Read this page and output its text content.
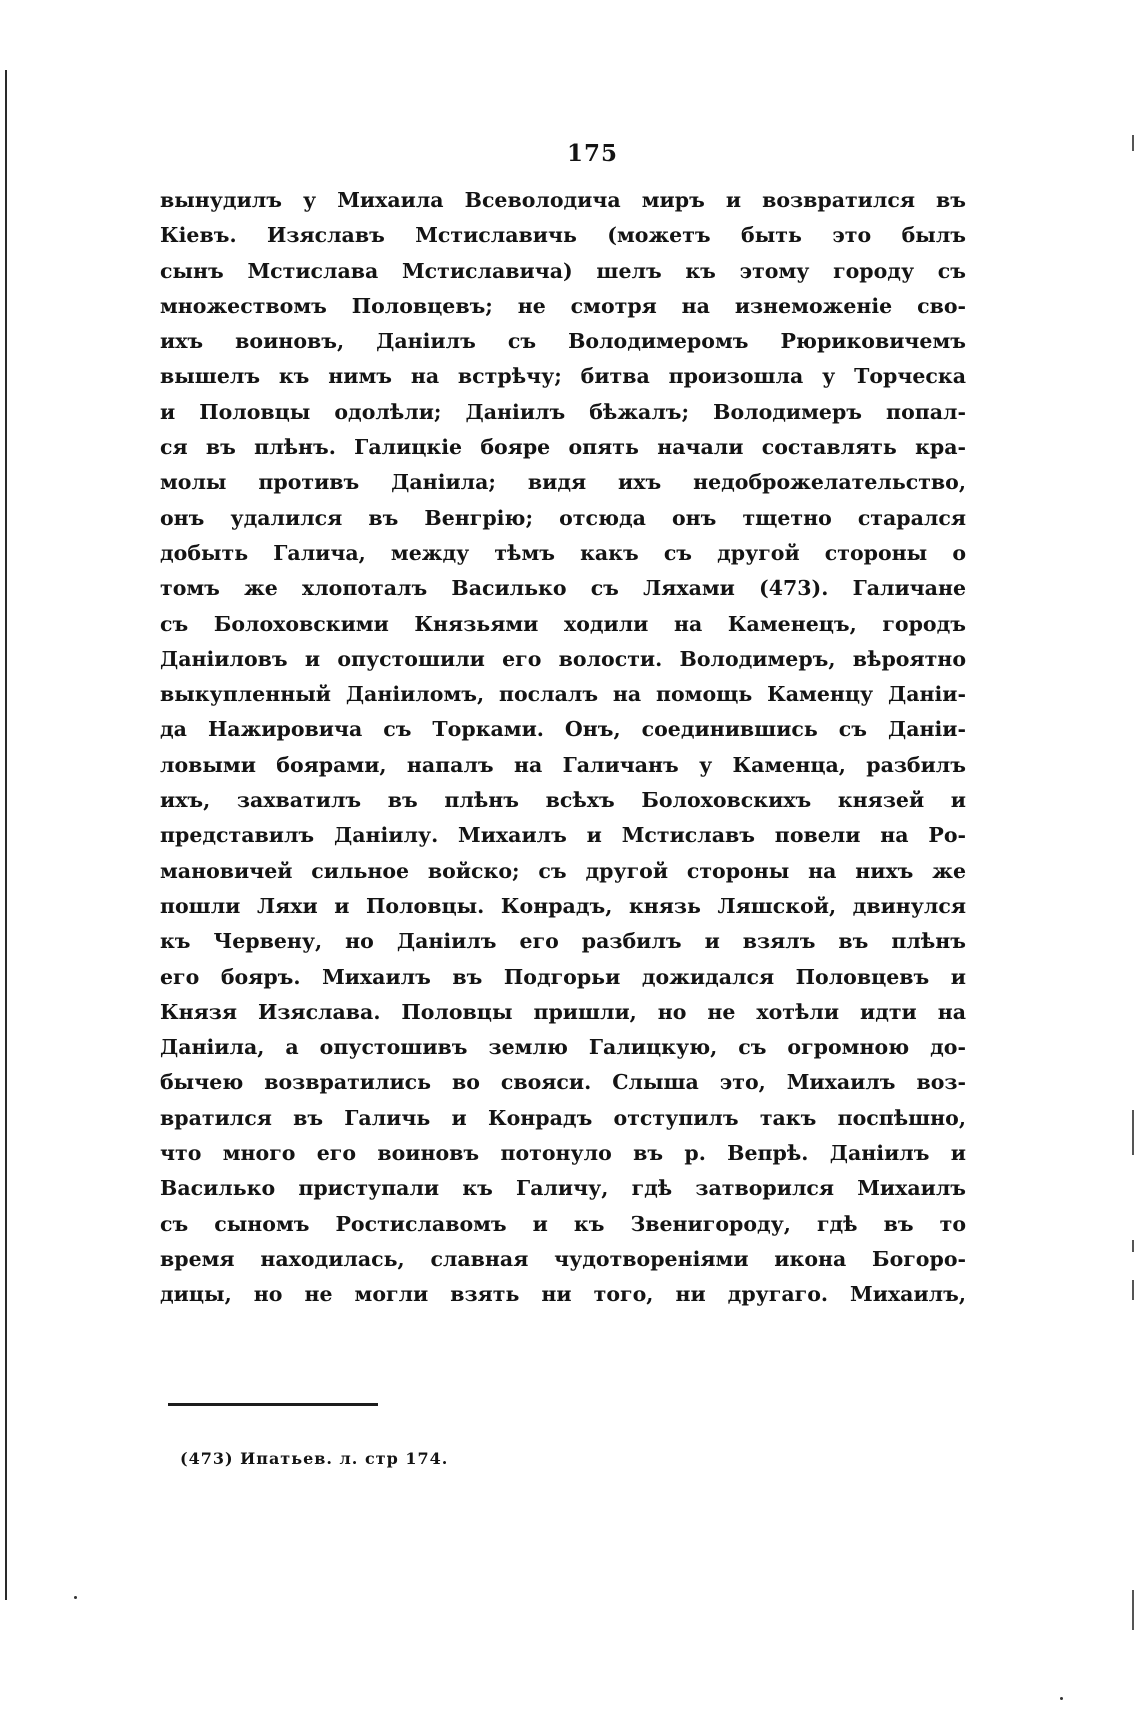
175
вынудилъ у Михаила Всеволодича миръ и возвратился въ
Кіевъ. Изяславъ Мстиславичь (можетъ быть это былъ
сынъ Мстислава Мстиславича) шелъ къ этому городу съ
множествомъ Половцевъ; не смотря на изнеможеніе сво-
ихъ воиновъ, Даніилъ съ Володимеромъ Рюриковичемъ
вышелъ къ нимъ на встрѣчу; битва произошла у Торческа
и Половцы одолѣли; Даніилъ бѣжалъ; Володимеръ попал-
ся въ плѣнъ. Галицкіе бояре опять начали составлять кра-
молы противъ Даніила; видя ихъ недоброжелательство,
онъ удалился въ Венгрію; отсюда онъ тщетно старался
добыть Галича, между тѣмъ какъ съ другой стороны о
томъ же хлопоталъ Василько съ Ляхами (473). Галичане
съ Болоховскими Князьями ходили на Каменецъ, городъ
Даніиловъ и опустошили его волости. Володимеръ, вѣроятно
выкупленный Даніиломъ, послалъ на помощь Каменцу Даніи-
да Нажировича съ Торками. Онъ, соединившись съ Даніи-
ловыми боярами, напалъ на Галичанъ у Каменца, разбилъ
ихъ, захватилъ въ плѣнъ всѣхъ Болоховскихъ князей и
представилъ Даніилу. Михаилъ и Мстиславъ повели на Ро-
мановичей сильное войско; съ другой стороны на нихъ же
пошли Ляхи и Половцы. Конрадъ, князь Ляшской, двинулся
къ Червену, но Даніилъ его разбилъ и взялъ въ плѣнъ
его бояръ. Михаилъ въ Подгорьи дожидался Половцевъ и
Князя Изяслава. Половцы пришли, но не хотѣли идти на
Даніила, а опустошивъ землю Галицкую, съ огромною до-
бычею возвратились во свояси. Слыша это, Михаилъ воз-
вратился въ Галичь и Конрадъ отступилъ такъ поспѣшно,
что много его воиновъ потонуло въ р. Вепрѣ. Даніилъ и
Василько приступали къ Галичу, гдѣ затворился Михаилъ
съ сыномъ Ростиславомъ и къ Звенигороду, гдѣ въ то
время находилась, славная чудотвореніями икона Богоро-
дицы, но не могли взять ни того, ни другаго. Михаилъ,
(473) Ипатьев. л. стр 174.
